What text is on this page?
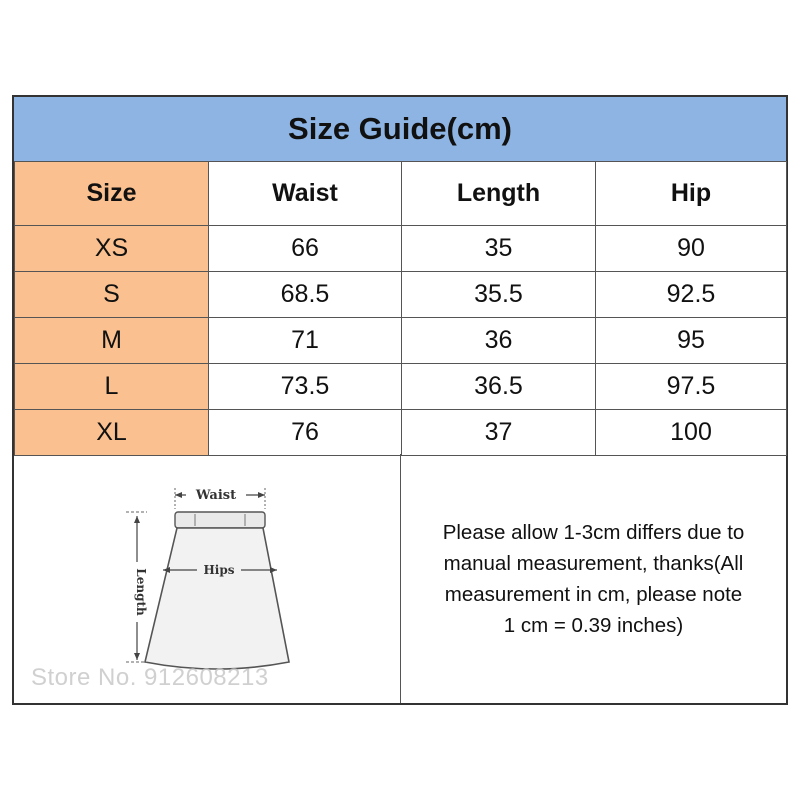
Size Guide(cm)
Size	Waist	Length	Hip
XS	66	35	90
S	68.5	35.5	92.5
M	71	36	95
L	73.5	36.5	97.5
XL	76	37	100
Waist
Hips
Length
Store No. 912608213
Please allow 1-3cm differs due to
manual measurement, thanks(All
measurement in cm, please note
1 cm = 0.39 inches)
